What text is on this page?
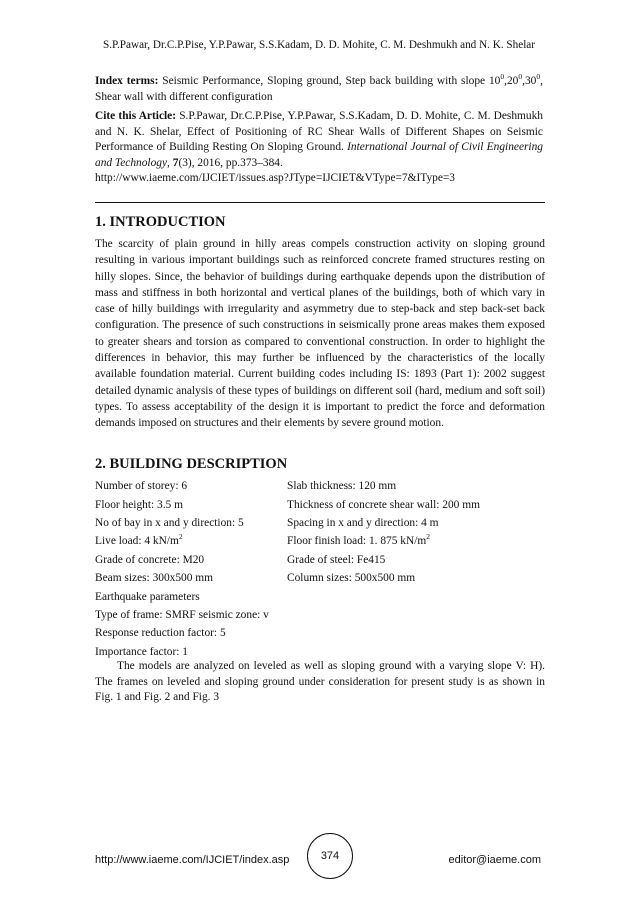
S.P.Pawar, Dr.C.P.Pise, Y.P.Pawar, S.S.Kadam, D. D. Mohite, C. M. Deshmukh and N. K. Shelar

Index terms: Seismic Performance, Sloping ground, Step back building with slope $10^0,20^0,30^0$, Shear wall with different configuration

Cite this Article: S.P.Pawar, Dr.C.P.Pise, Y.P.Pawar, S.S.Kadam, D. D. Mohite, C. M. Deshmukh and N. K. Shelar, Effect of Positioning of RC Shear Walls of Different Shapes on Seismic Performance of Building Resting On Sloping Ground. International Journal of Civil Engineering and Technology, 7(3), 2016, pp.373–384.
http://www.iaeme.com/IJCIET/issues.asp?JType=IJCIET&VType=7&IType=3

1. INTRODUCTION

The scarcity of plain ground in hilly areas compels construction activity on sloping ground resulting in various important buildings such as reinforced concrete framed structures resting on hilly slopes. Since, the behavior of buildings during earthquake depends upon the distribution of mass and stiffness in both horizontal and vertical planes of the buildings, both of which vary in case of hilly buildings with irregularity and asymmetry due to step-back and step back-set back configuration. The presence of such constructions in seismically prone areas makes them exposed to greater shears and torsion as compared to conventional construction. In order to highlight the differences in behavior, this may further be influenced by the characteristics of the locally available foundation material. Current building codes including IS: 1893 (Part 1): 2002 suggest detailed dynamic analysis of these types of buildings on different soil (hard, medium and soft soil) types. To assess acceptability of the design it is important to predict the force and deformation demands imposed on structures and their elements by severe ground motion.

2. BUILDING DESCRIPTION
Number of storey: 6	Slab thickness: 120 mm
Floor height: 3.5 m	Thickness of concrete shear wall: 200 mm
No of bay in x and y direction: 5	Spacing in x and y direction: 4 m
Live load: 4 $kN/m^2$	Floor finish load: 1. 875 $kN/m^2$
Grade of concrete: M20	Grade of steel: Fe415
Beam sizes: 300x500 mm	Column sizes: 500x500 mm
Earthquake parameters
Type of frame: SMRF seismic zone: v
Response reduction factor: 5
Importance factor: 1

The models are analyzed on leveled as well as sloping ground with a varying slope V: H). The frames on leveled and sloping ground under consideration for present study is as shown in Fig. 1 and Fig. 2 and Fig. 3

http://www.iaeme.com/IJCIET/index.asp	374	editor@iaeme.com
